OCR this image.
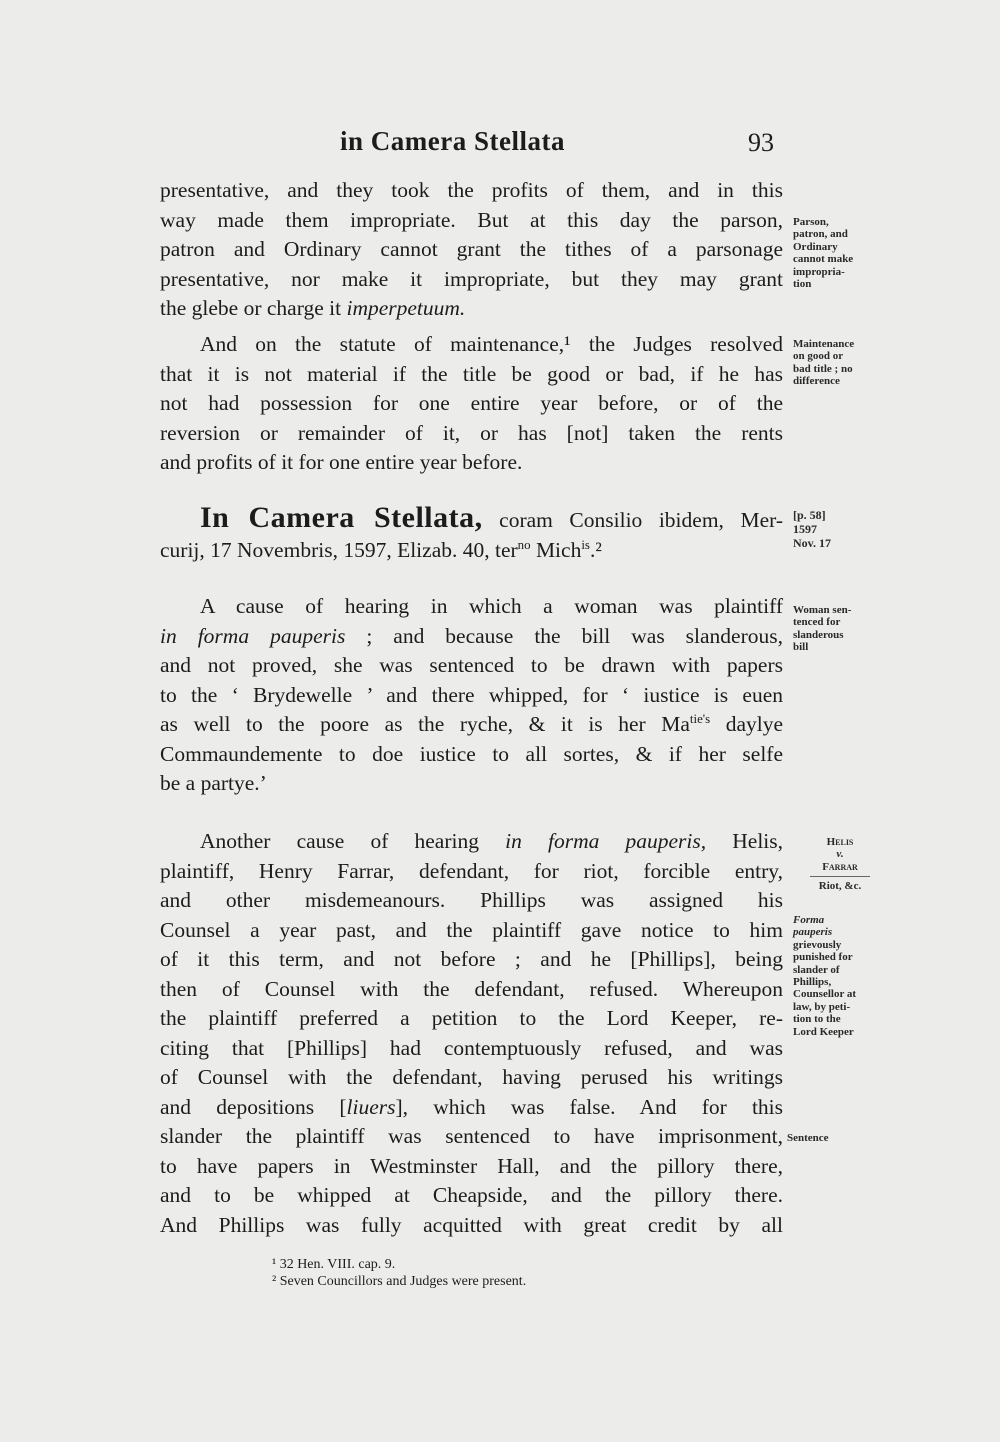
in Camera Stellata	93
presentative, and they took the profits of them, and in this
way made them impropriate. But at this day the parson,
patron and Ordinary cannot grant the tithes of a parsonage
presentative, nor make it impropriate, but they may grant
the glebe or charge it imperpetuum.
And on the statute of maintenance,¹ the Judges resolved
that it is not material if the title be good or bad, if he has
not had possession for one entire year before, or of the
reversion or remainder of it, or has [not] taken the rents
and profits of it for one entire year before.
In Camera Stellata, coram Consilio ibidem, Mer-
curij, 17 Novembris, 1597, Elizab. 40, ter$^{no}$ Mich$^{is}$.²
A cause of hearing in which a woman was plaintiff
in forma pauperis ; and because the bill was slanderous,
and not proved, she was sentenced to be drawn with papers
to the ‘ Brydewelle ’ and there whipped, for ‘ iustice is euen
as well to the poore as the ryche, & it is her $Ma^{tie's}$ daylye
Commaundemente to doe iustice to all sortes, & if her selfe
be a partye.’
Another cause of hearing in forma pauperis, Helis,
plaintiff, Henry Farrar, defendant, for riot, forcible entry,
and other misdemeanours. Phillips was assigned his
Counsel a year past, and the plaintiff gave notice to him
of it this term, and not before ; and he [Phillips], being
then of Counsel with the defendant, refused. Whereupon
the plaintiff preferred a petition to the Lord Keeper, re-
citing that [Phillips] had contemptuously refused, and was
of Counsel with the defendant, having perused his writings
and depositions [liuers], which was false. And for this
slander the plaintiff was sentenced to have imprisonment,
to have papers in Westminster Hall, and the pillory there,
and to be whipped at Cheapside, and the pillory there.
And Phillips was fully acquitted with great credit by all
Parson,
patron, and
Ordinary
cannot make
impropria-
tion
Maintenance
on good or
bad title ; no
difference
[p. 58]
1597
Nov. 17
Woman sen-
tenced for
slanderous
bill
Helis
v.
Farrar
Riot, &c.
Forma
pauperis
grievously
punished for
slander of
Phillips,
Counsellor at
law, by peti-
tion to the
Lord Keeper
Sentence
¹ 32 Hen. VIII. cap. 9.
² Seven Councillors and Judges were present.
